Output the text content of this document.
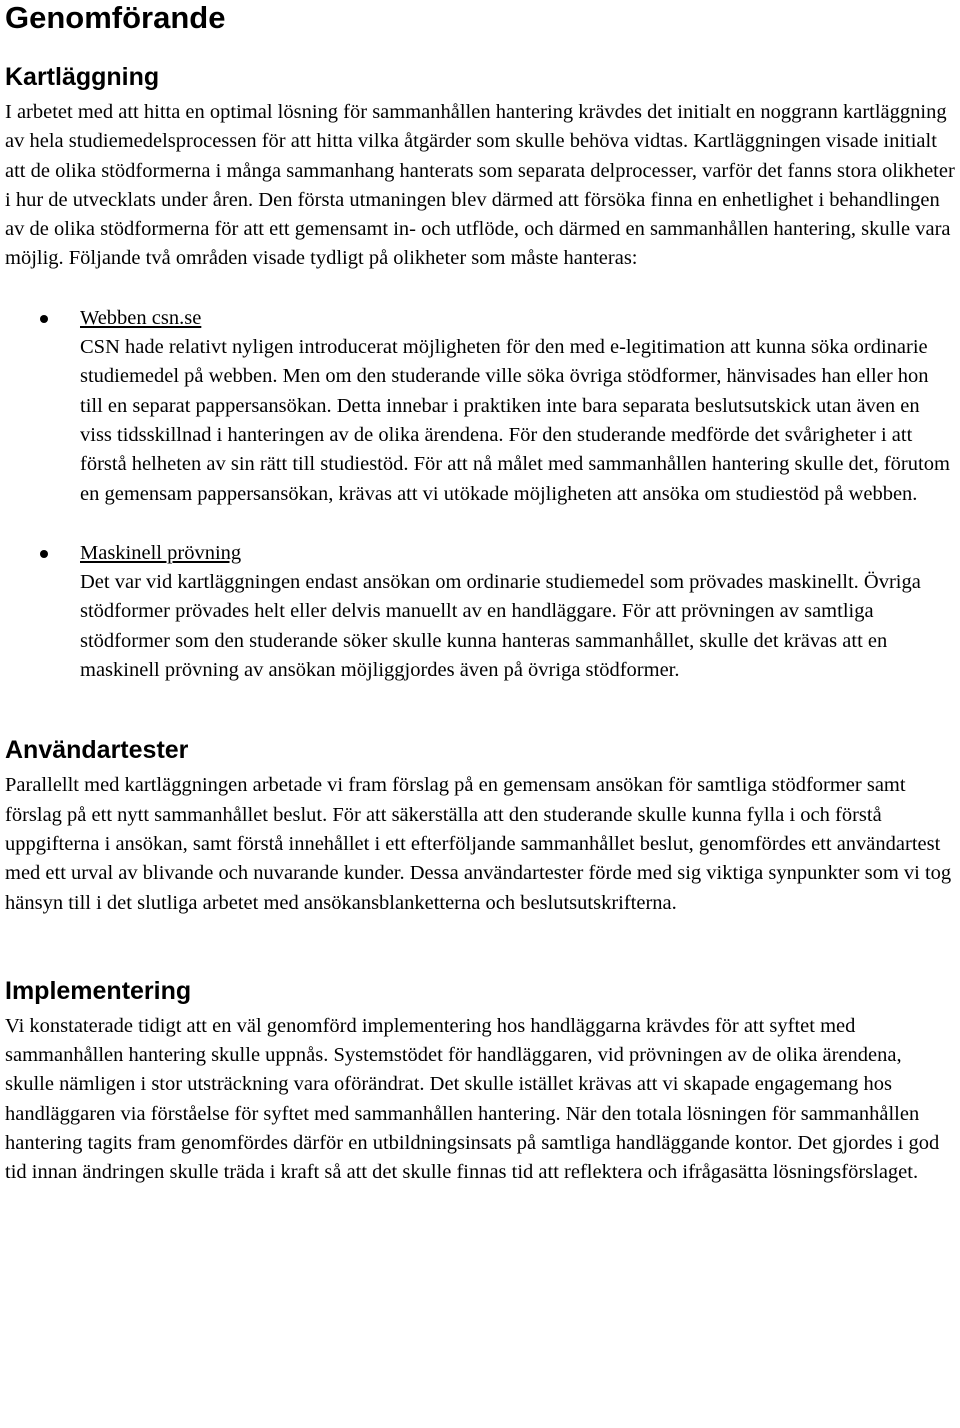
Genomförande
Kartläggning

I arbetet med att hitta en optimal lösning för sammanhållen hantering krävdes det initialt en noggrann kartläggning av hela studiemedelsprocessen för att hitta vilka åtgärder som skulle behöva vidtas. Kartläggningen visade initialt att de olika stödformerna i många sammanhang hanterats som separata delprocesser, varför det fanns stora olikheter i hur de utvecklats under åren. Den första utmaningen blev därmed att försöka finna en enhetlighet i behandlingen av de olika stödformerna för att ett gemensamt in- och utflöde, och därmed en sammanhållen hantering, skulle vara möjlig. Följande två områden visade tydligt på olikheter som måste hanteras:

Webben csn.se
CSN hade relativt nyligen introducerat möjligheten för den med e-legitimation att kunna söka ordinarie studiemedel på webben. Men om den studerande ville söka övriga stödformer, hänvisades han eller hon till en separat pappersansökan. Detta innebar i praktiken inte bara separata beslutsutskick utan även en viss tidsskillnad i hanteringen av de olika ärendena. För den studerande medförde det svårigheter i att förstå helheten av sin rätt till studiestöd. För att nå målet med sammanhållen hantering skulle det, förutom en gemensam pappersansökan, krävas att vi utökade möjligheten att ansöka om studiestöd på webben.
Maskinell prövning
Det var vid kartläggningen endast ansökan om ordinarie studiemedel som prövades maskinellt. Övriga stödformer prövades helt eller delvis manuellt av en handläggare. För att prövningen av samtliga stödformer som den studerande söker skulle kunna hanteras sammanhållet, skulle det krävas att en maskinell prövning av ansökan möjliggjordes även på övriga stödformer.
Användartester

Parallellt med kartläggningen arbetade vi fram förslag på en gemensam ansökan för samtliga stödformer samt förslag på ett nytt sammanhållet beslut. För att säkerställa att den studerande skulle kunna fylla i och förstå uppgifterna i ansökan, samt förstå innehållet i ett efterföljande sammanhållet beslut, genomfördes ett användartest med ett urval av blivande och nuvarande kunder. Dessa användartester förde med sig viktiga synpunkter som vi tog hänsyn till i det slutliga arbetet med ansökansblanketterna och beslutsutskrifterna.

Implementering

Vi konstaterade tidigt att en väl genomförd implementering hos handläggarna krävdes för att syftet med sammanhållen hantering skulle uppnås. Systemstödet för handläggaren, vid prövningen av de olika ärendena, skulle nämligen i stor utsträckning vara oförändrat. Det skulle istället krävas att vi skapade engagemang hos handläggaren via förståelse för syftet med sammanhållen hantering. När den totala lösningen för sammanhållen hantering tagits fram genomfördes därför en utbildningsinsats på samtliga handläggande kontor. Det gjordes i god tid innan ändringen skulle träda i kraft så att det skulle finnas tid att reflektera och ifrågasätta lösningsförslaget.
